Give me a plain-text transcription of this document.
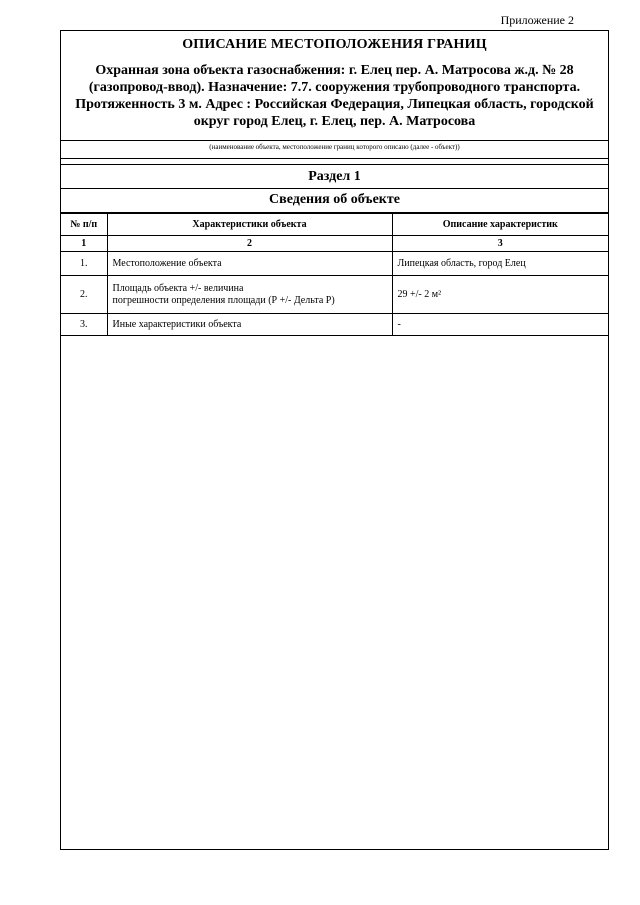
Приложение 2
ОПИСАНИЕ МЕСТОПОЛОЖЕНИЯ ГРАНИЦ
Охранная зона объекта газоснабжения: г. Елец пер. А. Матросова ж.д. № 28
(газопровод-ввод). Назначение: 7.7. сооружения трубопроводного транспорта.
Протяженность 3 м. Адрес : Российская Федерация, Липецкая область, городской
округ город Елец, г. Елец, пер. А. Матросова
(наименование объекта, местоположение границ которого описано (далее - объект))
Раздел 1
Сведения об объекте
№ п/п	Характеристики объекта	Описание характеристик
1	2	3
1.	Местоположение объекта	Липецкая область, город Елец
2.	Площадь объекта +/- величина
погрешности определения площади (Р +/- Дельта Р)	29 +/- 2 м²
3.	Иные характеристики объекта	-
